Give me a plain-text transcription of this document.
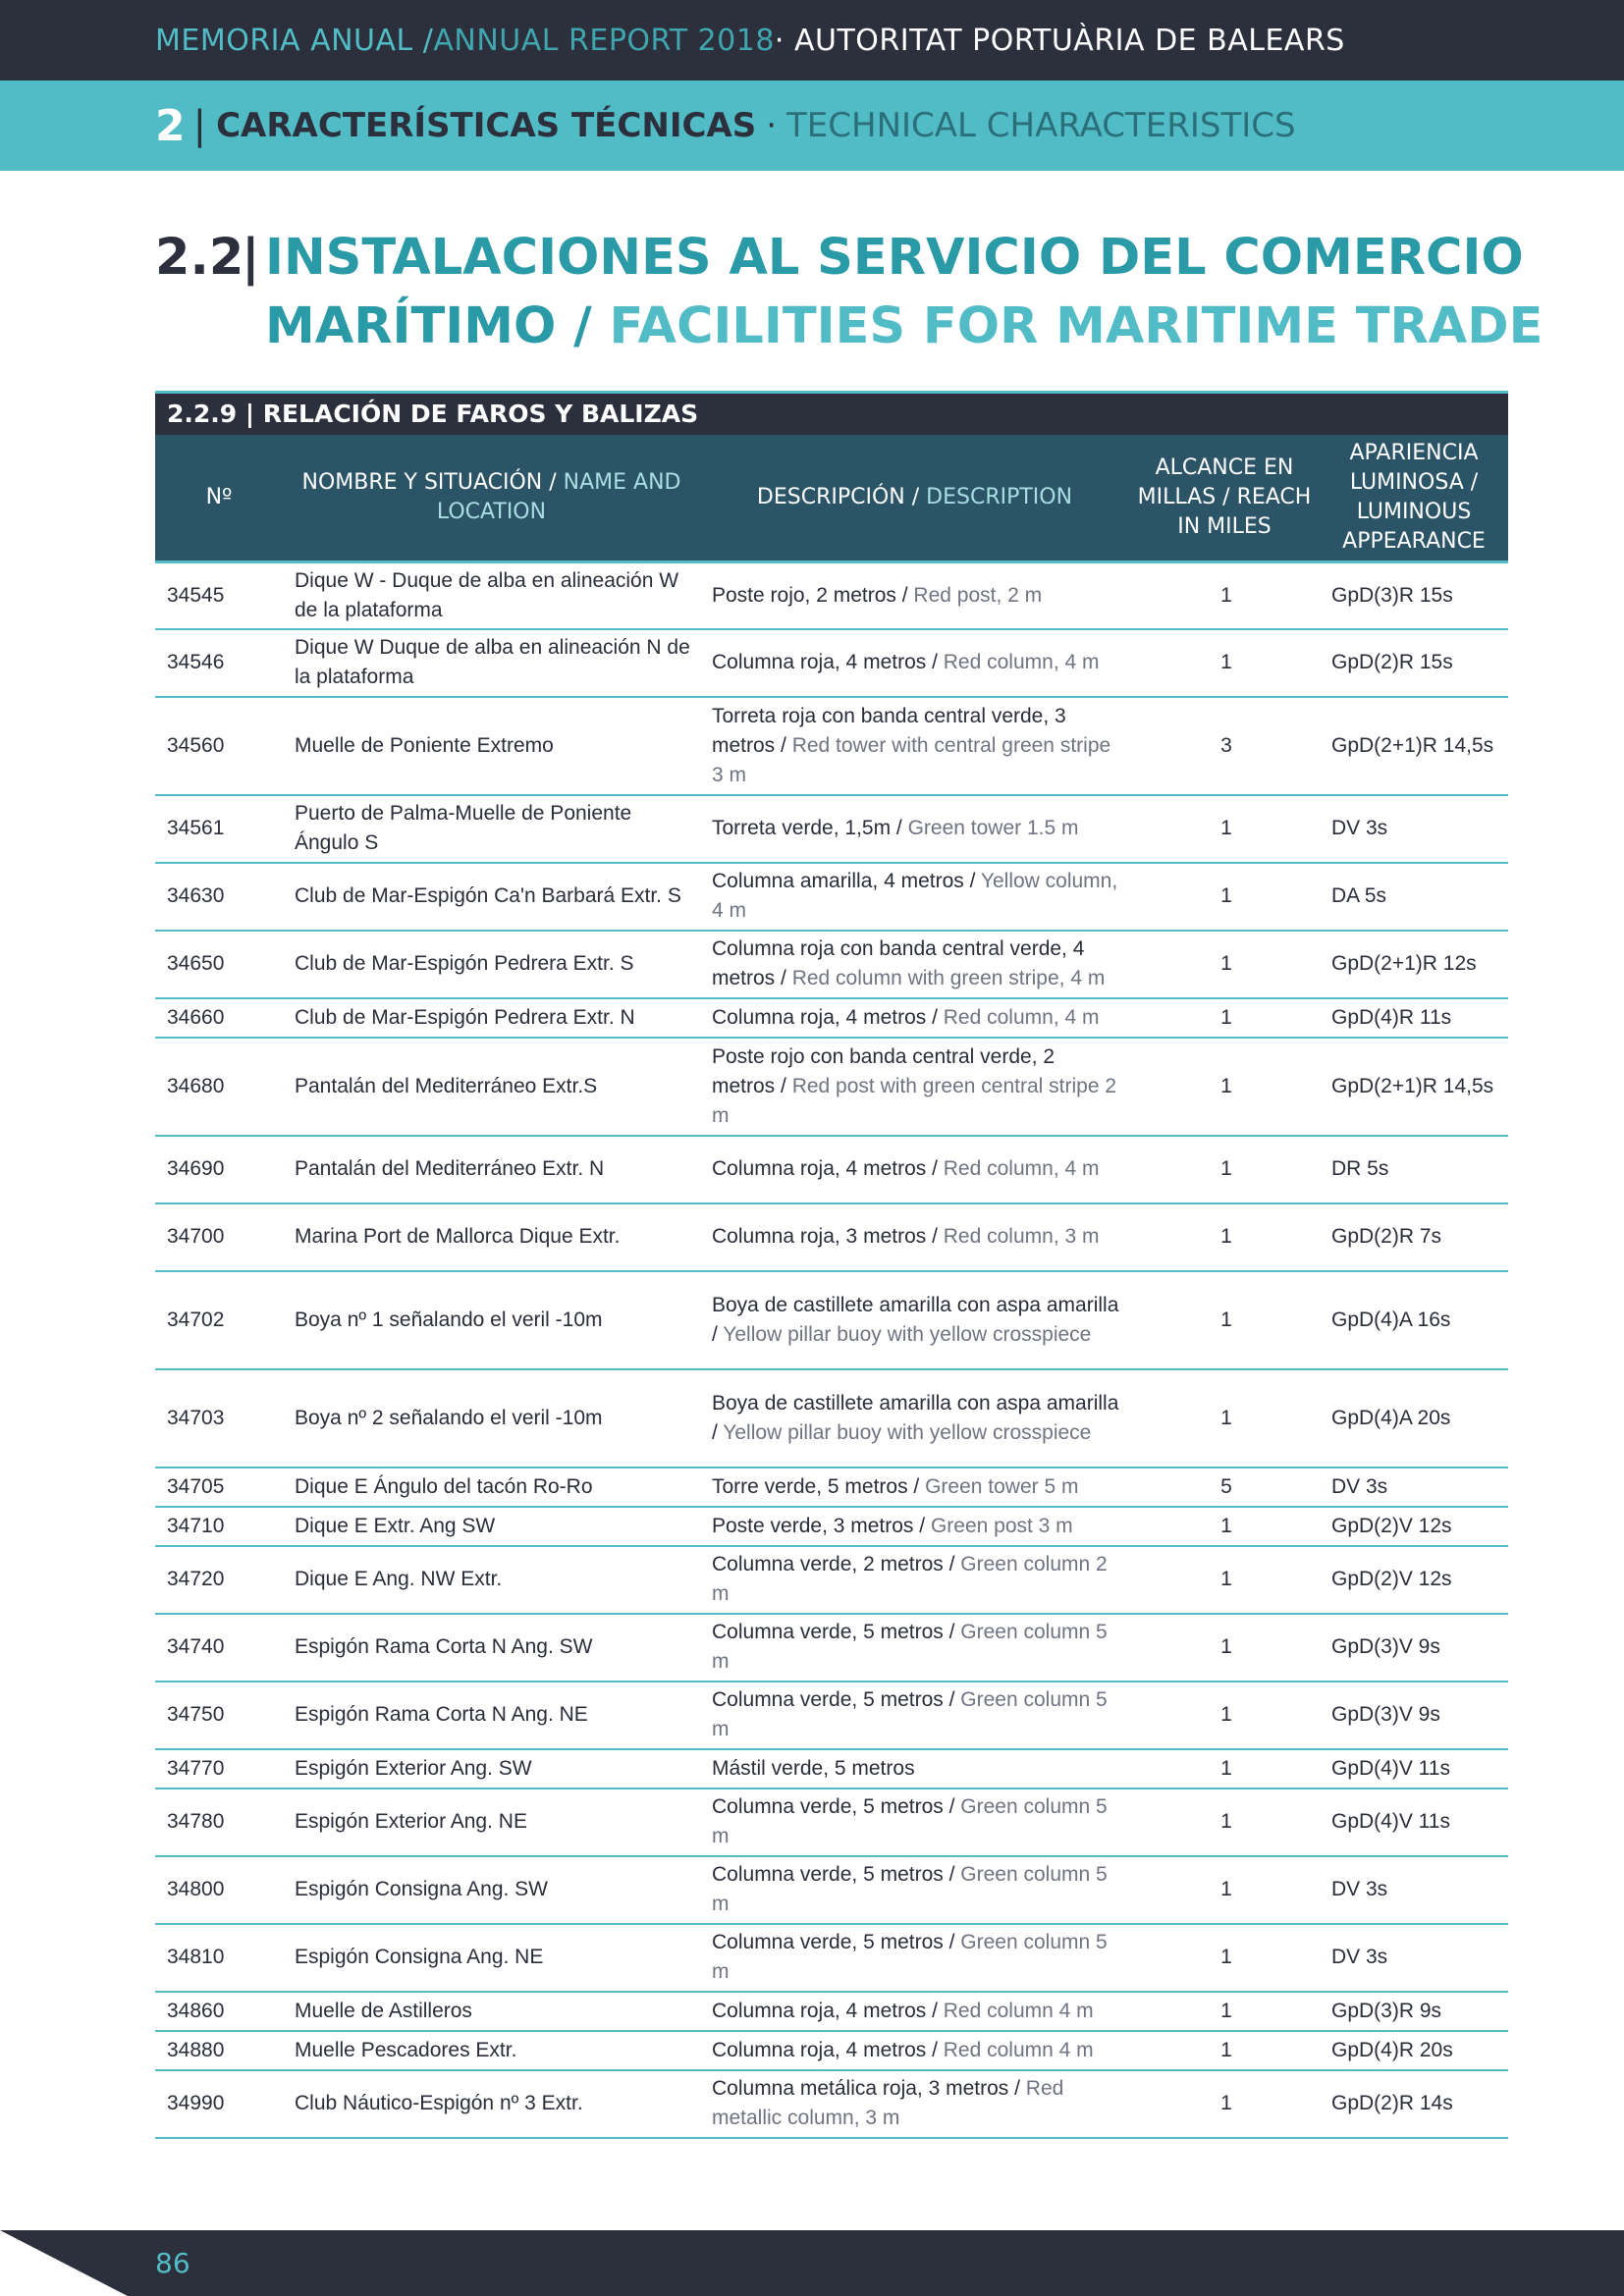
MEMORIA ANUAL / ANNUAL REPORT 2018 · AUTORITAT PORTUÀRIA DE BALEARS
2 | CARACTERÍSTICAS TÉCNICAS · TECHNICAL CHARACTERISTICS
2.2
| INSTALACIONES AL SERVICIO DEL COMERCIO
MARÍTIMO / FACILITIES FOR MARITIME TRADE
2.2.9 | RELACIÓN DE FAROS Y BALIZAS
Nº	NOMBRE Y SITUACIÓN / NAME AND LOCATION	DESCRIPCIÓN / DESCRIPTION	ALCANCE EN MILLAS / REACH IN MILES	APARIENCIA LUMINOSA / LUMINOUS APPEARANCE
34545	Dique W - Duque de alba en alineación W de la plataforma	Poste rojo, 2 metros / Red post, 2 m	1	GpD(3)R 15s
34546	Dique W Duque de alba en alineación N de la plataforma	Columna roja, 4 metros / Red column, 4 m	1	GpD(2)R 15s
34560	Muelle de Poniente Extremo	Torreta roja con banda central verde, 3 metros / Red tower with central green stripe 3 m	3	GpD(2+1)R 14,5s
34561	Puerto de Palma-Muelle de Poniente Ángulo S	Torreta verde, 1,5m / Green tower 1.5 m	1	DV 3s
34630	Club de Mar-Espigón Ca'n Barbará Extr. S	Columna amarilla, 4 metros / Yellow column, 4 m	1	DA 5s
34650	Club de Mar-Espigón Pedrera Extr. S	Columna roja con banda central verde, 4 metros / Red column with green stripe, 4 m	1	GpD(2+1)R 12s
34660	Club de Mar-Espigón Pedrera Extr. N	Columna roja, 4 metros / Red column, 4 m	1	GpD(4)R 11s
34680	Pantalán del Mediterráneo Extr.S	Poste rojo con banda central verde, 2 metros / Red post with green central stripe 2 m	1	GpD(2+1)R 14,5s
34690	Pantalán del Mediterráneo Extr. N	Columna roja, 4 metros / Red column, 4 m	1	DR 5s
34700	Marina Port de Mallorca Dique Extr.	Columna roja, 3 metros / Red column, 3 m	1	GpD(2)R 7s
34702	Boya nº 1 señalando el veril -10m	Boya de castillete amarilla con aspa amarilla / Yellow pillar buoy with yellow crosspiece	1	GpD(4)A 16s
34703	Boya nº 2 señalando el veril -10m	Boya de castillete amarilla con aspa amarilla / Yellow pillar buoy with yellow crosspiece	1	GpD(4)A 20s
34705	Dique E Ángulo del tacón Ro-Ro	Torre verde, 5 metros / Green tower 5 m	5	DV 3s
34710	Dique E Extr. Ang SW	Poste verde, 3 metros / Green post 3 m	1	GpD(2)V 12s
34720	Dique E Ang. NW Extr.	Columna verde, 2 metros / Green column 2 m	1	GpD(2)V 12s
34740	Espigón Rama Corta N Ang. SW	Columna verde, 5 metros / Green column 5 m	1	GpD(3)V 9s
34750	Espigón Rama Corta N Ang. NE	Columna verde, 5 metros / Green column 5 m	1	GpD(3)V 9s
34770	Espigón Exterior Ang. SW	Mástil verde, 5 metros	1	GpD(4)V 11s
34780	Espigón Exterior Ang. NE	Columna verde, 5 metros / Green column 5 m	1	GpD(4)V 11s
34800	Espigón Consigna Ang. SW	Columna verde, 5 metros / Green column 5 m	1	DV 3s
34810	Espigón Consigna Ang. NE	Columna verde, 5 metros / Green column 5 m	1	DV 3s
34860	Muelle de Astilleros	Columna roja, 4 metros / Red column 4 m	1	GpD(3)R 9s
34880	Muelle Pescadores Extr.	Columna roja, 4 metros / Red column 4 m	1	GpD(4)R 20s
34990	Club Náutico-Espigón nº 3 Extr.	Columna metálica roja, 3 metros / Red metallic column, 3 m	1	GpD(2)R 14s
86
